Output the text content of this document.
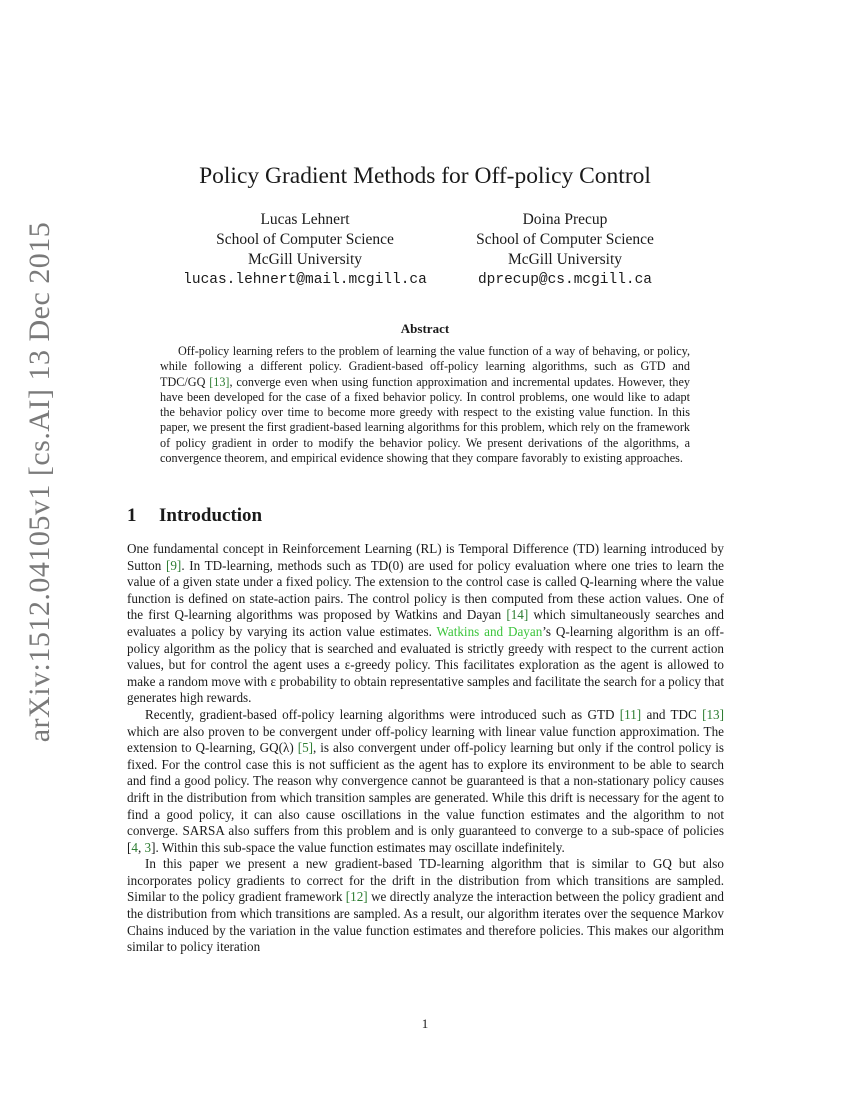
arXiv:1512.04105v1 [cs.AI] 13 Dec 2015
Policy Gradient Methods for Off-policy Control
Lucas Lehnert
School of Computer Science
McGill University
lucas.lehnert@mail.mcgill.ca
Doina Precup
School of Computer Science
McGill University
dprecup@cs.mcgill.ca
Abstract

Off-policy learning refers to the problem of learning the value function of a way of behaving, or policy, while following a different policy. Gradient-based off-policy learning algorithms, such as GTD and TDC/GQ [13], converge even when using function approximation and incremental updates. However, they have been developed for the case of a fixed behavior policy. In control problems, one would like to adapt the behavior policy over time to become more greedy with respect to the existing value function. In this paper, we present the first gradient-based learning algorithms for this problem, which rely on the framework of policy gradient in order to modify the behavior policy. We present derivations of the algorithms, a convergence theorem, and empirical evidence showing that they compare favorably to existing approaches.

1 Introduction

One fundamental concept in Reinforcement Learning (RL) is Temporal Difference (TD) learning introduced by Sutton [9]. In TD-learning, methods such as TD(0) are used for policy evaluation where one tries to learn the value of a given state under a fixed policy. The extension to the control case is called Q-learning where the value function is defined on state-action pairs. The control policy is then computed from these action values. One of the first Q-learning algorithms was proposed by Watkins and Dayan [14] which simultaneously searches and evaluates a policy by varying its action value estimates. Watkins and Dayan’s Q-learning algorithm is an off-policy algorithm as the policy that is searched and evaluated is strictly greedy with respect to the current action values, but for control the agent uses a ε-greedy policy. This facilitates exploration as the agent is allowed to make a random move with ε probability to obtain representative samples and facilitate the search for a policy that generates high rewards.

Recently, gradient-based off-policy learning algorithms were introduced such as GTD [11] and TDC [13] which are also proven to be convergent under off-policy learning with linear value function approximation. The extension to Q-learning, GQ(λ) [5], is also convergent under off-policy learning but only if the control policy is fixed. For the control case this is not sufficient as the agent has to explore its environment to be able to search and find a good policy. The reason why convergence cannot be guaranteed is that a non-stationary policy causes drift in the distribution from which transition samples are generated. While this drift is necessary for the agent to find a good policy, it can also cause oscillations in the value function estimates and the algorithm to not converge. SARSA also suffers from this problem and is only guaranteed to converge to a sub-space of policies [4, 3]. Within this sub-space the value function estimates may oscillate indefinitely.

In this paper we present a new gradient-based TD-learning algorithm that is similar to GQ but also incorporates policy gradients to correct for the drift in the distribution from which transitions are sampled. Similar to the policy gradient framework [12] we directly analyze the interaction between the policy gradient and the distribution from which transitions are sampled. As a result, our algorithm iterates over the sequence Markov Chains induced by the variation in the value function estimates and therefore policies. This makes our algorithm similar to policy iteration

1
